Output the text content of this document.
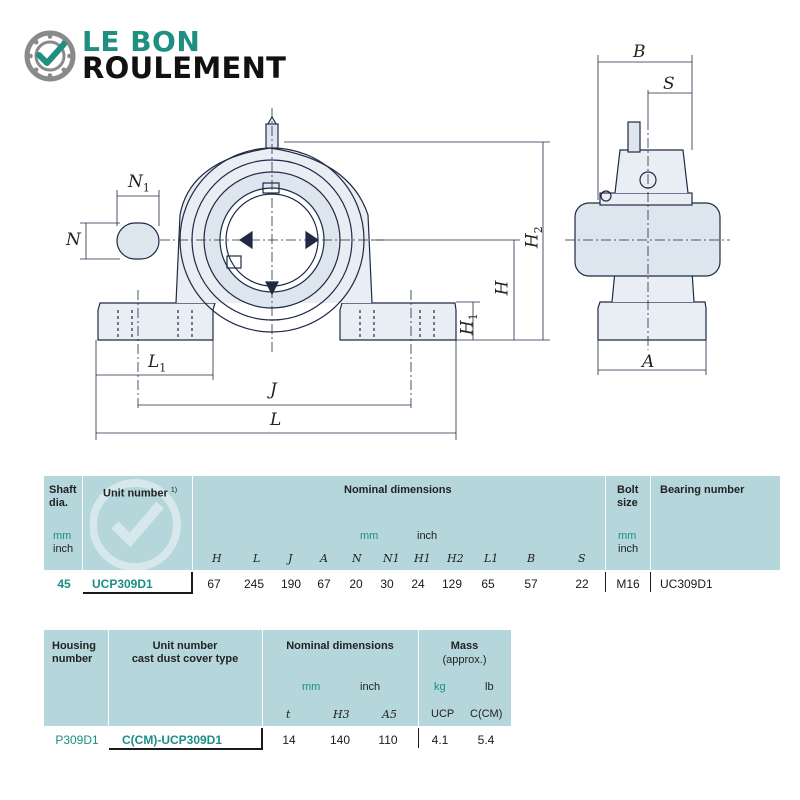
LE BON
ROULEMENT
$N_1$
N	$H_2$
H
$H_1$
$L_1$
J
L
B
S
A
Shaft dia.
Unit number $^{1)}$	Nominal dimensions	Bolt size
Bearing number
mm
inch
mm	inch	mm
inch
H	L	J	A N N1 H1 H2 L1	B	S
45	UCP309D1	67	245	190	67	20	30	24	129	65	57	22	M16	UC309D1
Housing number
Unit number
cast dust cover type
Nominal dimensions	Mass
(approx.)
mm	inch	kg	lb
t	H3	A5	UCP C(CM)
P309D1	C(CM)-UCP309D1	14	140	110	4.1	5.4
